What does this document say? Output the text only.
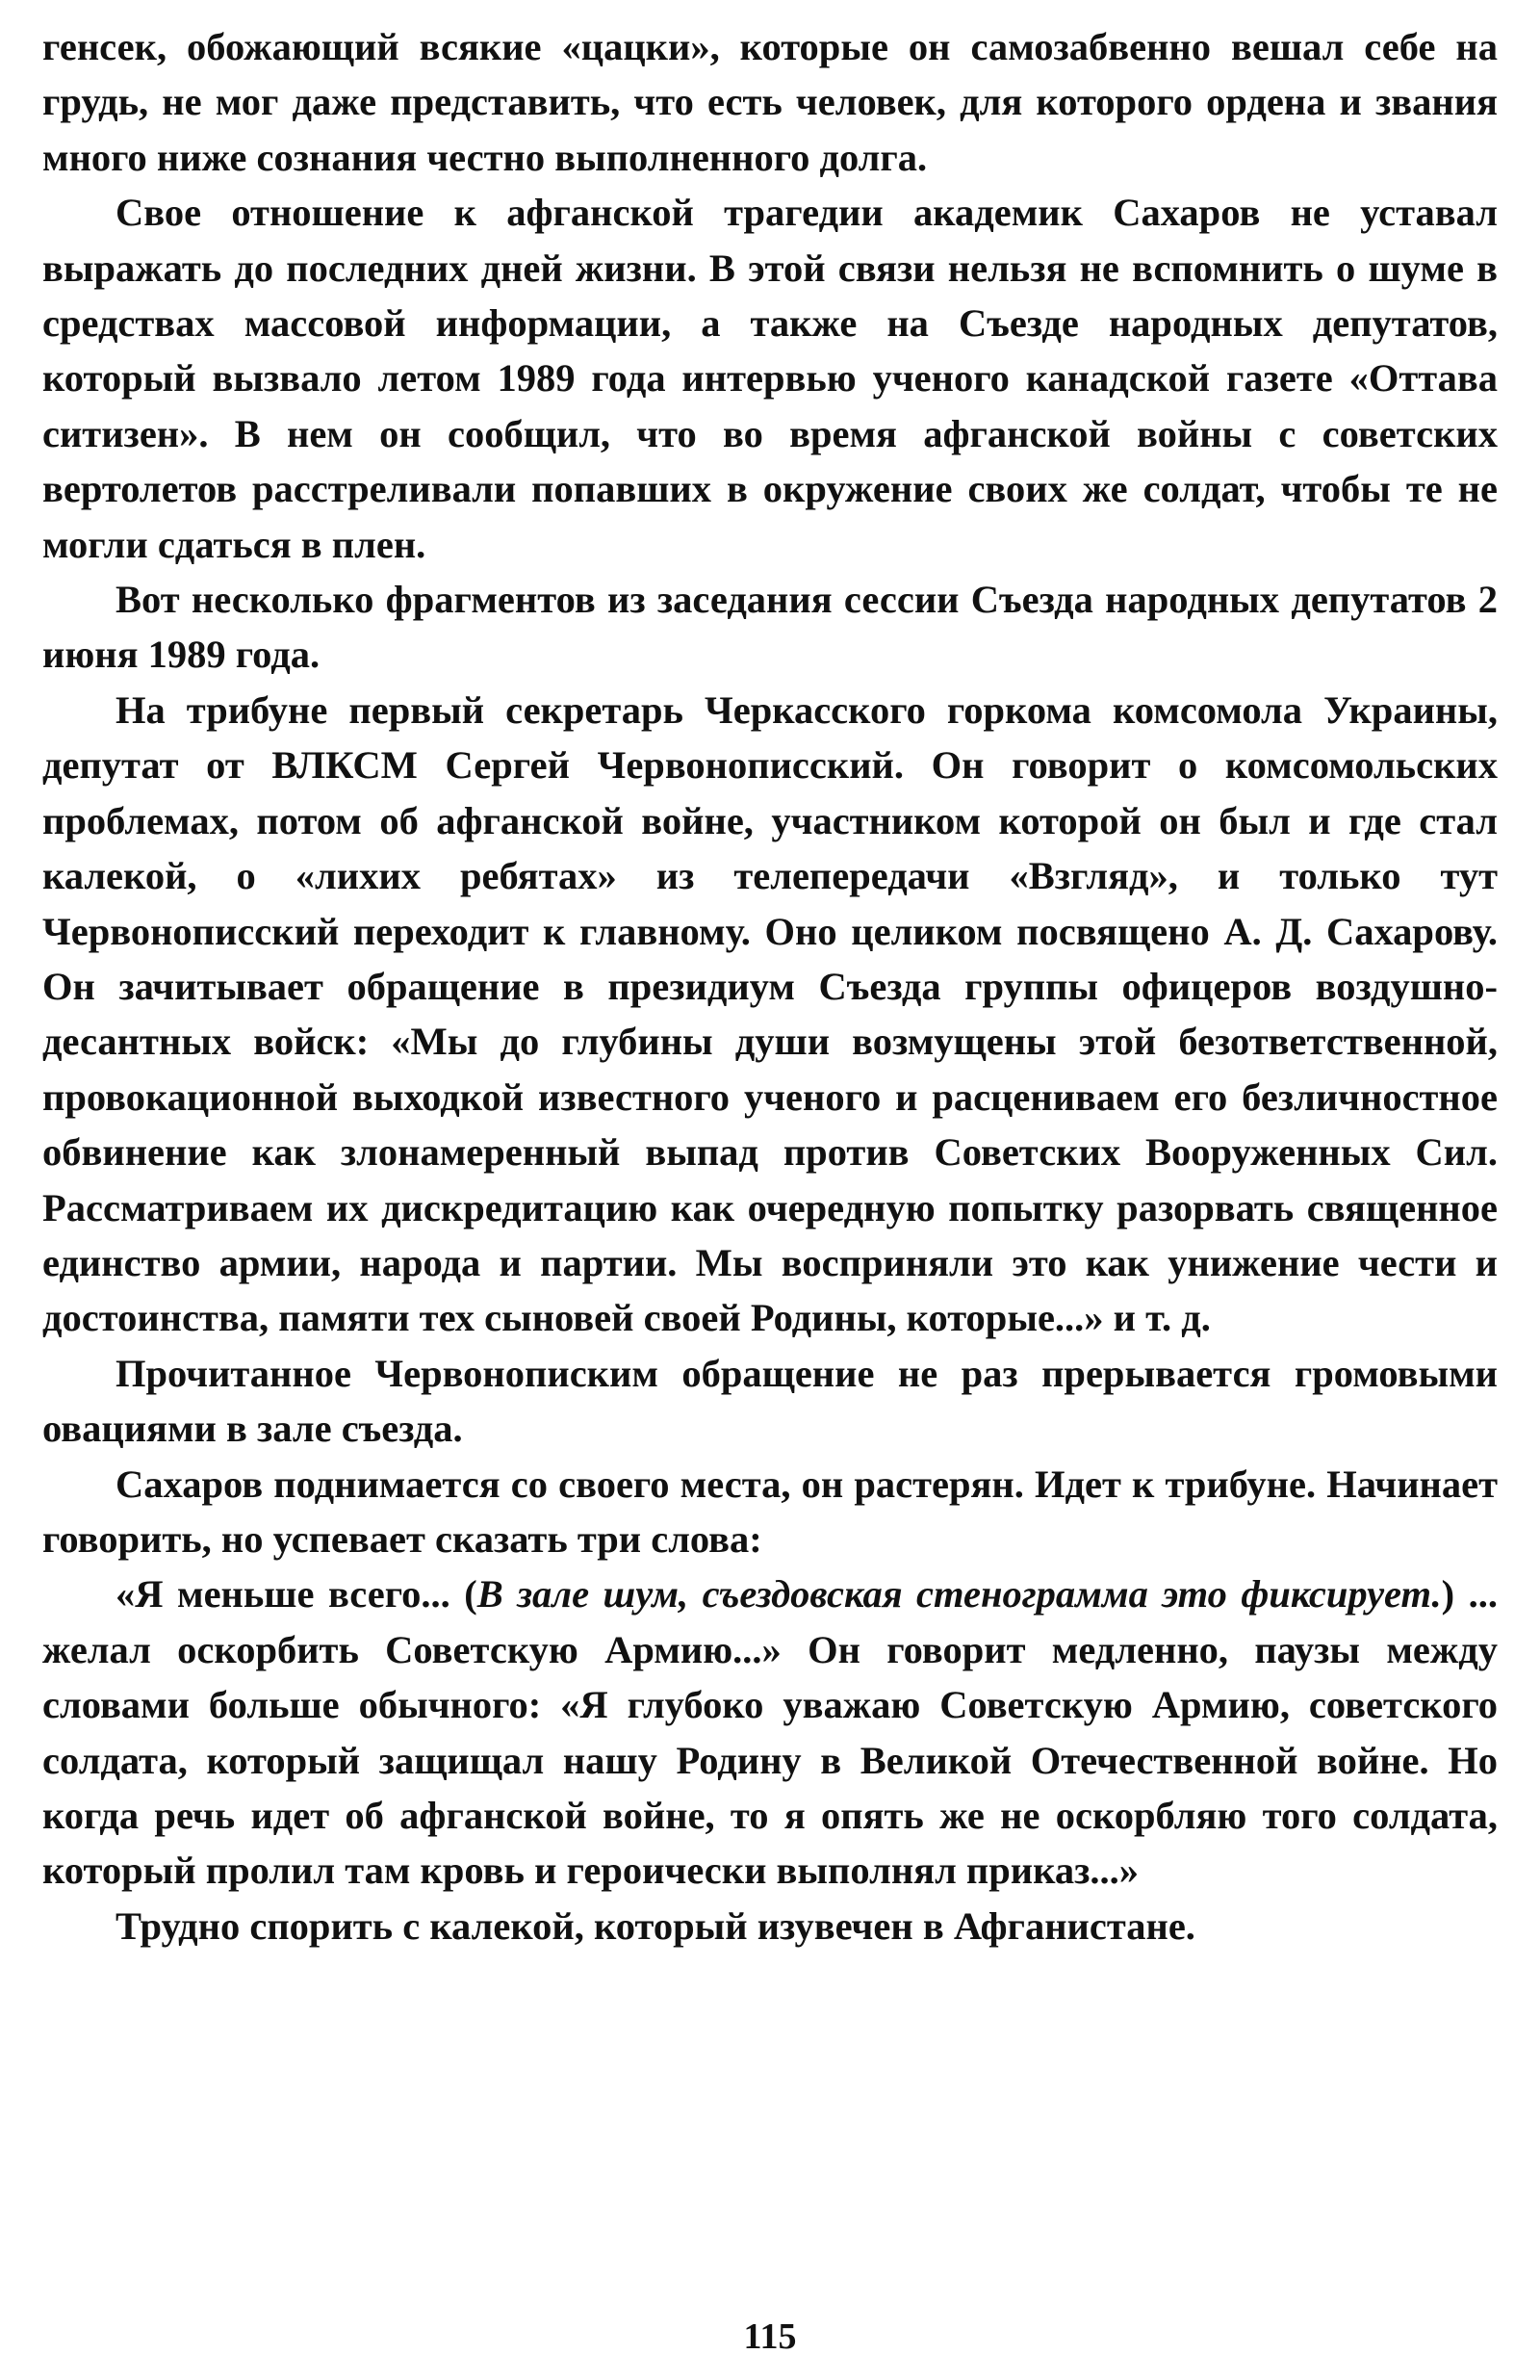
генсек, обожающий всякие «цацки», которые он самозабвенно вешал себе на грудь, не мог даже представить, что есть человек, для которого ордена и звания много ниже сознания честно выполненного долга.

Свое отношение к афганской трагедии академик Сахаров не уставал выражать до последних дней жизни. В этой связи нельзя не вспомнить о шуме в средствах массовой информации, а также на Съезде народных депутатов, который вызвало летом 1989 года интервью ученого канадской газете «Оттава ситизен». В нем он сообщил, что во время афганской войны с советских вертолетов расстреливали попавших в окружение своих же солдат, чтобы те не могли сдаться в плен.

Вот несколько фрагментов из заседания сессии Съезда народных депутатов 2 июня 1989 года.

На трибуне первый секретарь Черкасского горкома комсомола Украины, депутат от ВЛКСМ Сергей Червонописский. Он говорит о комсомольских проблемах, потом об афганской войне, участником которой он был и где стал калекой, о «лихих ребятах» из телепередачи «Взгляд», и только тут Червонописский переходит к главному. Оно целиком посвящено А. Д. Сахарову. Он зачитывает обращение в президиум Съезда группы офицеров воздушно-десантных войск: «Мы до глубины души возмущены этой безответственной, провокационной выходкой известного ученого и расцениваем его безличностное обвинение как злонамеренный выпад против Советских Вооруженных Сил. Рассматриваем их дискредитацию как очередную попытку разорвать священное единство армии, народа и партии. Мы восприняли это как унижение чести и достоинства, памяти тех сыновей своей Родины, которые...» и т. д.

Прочитанное Червонописким обращение не раз прерывается громовыми овациями в зале съезда.

Сахаров поднимается со своего места, он растерян. Идет к трибуне. Начинает говорить, но успевает сказать три слова:

«Я меньше всего... (В зале шум, съездовская стенограмма это фиксирует.) ... желал оскорбить Советскую Армию...» Он говорит медленно, паузы между словами больше обычного: «Я глубоко уважаю Советскую Армию, советского солдата, который защищал нашу Родину в Великой Отечественной войне. Но когда речь идет об афганской войне, то я опять же не оскорбляю того солдата, который пролил там кровь и героически выполнял приказ...»

Трудно спорить с калекой, который изувечен в Афганистане.

115
